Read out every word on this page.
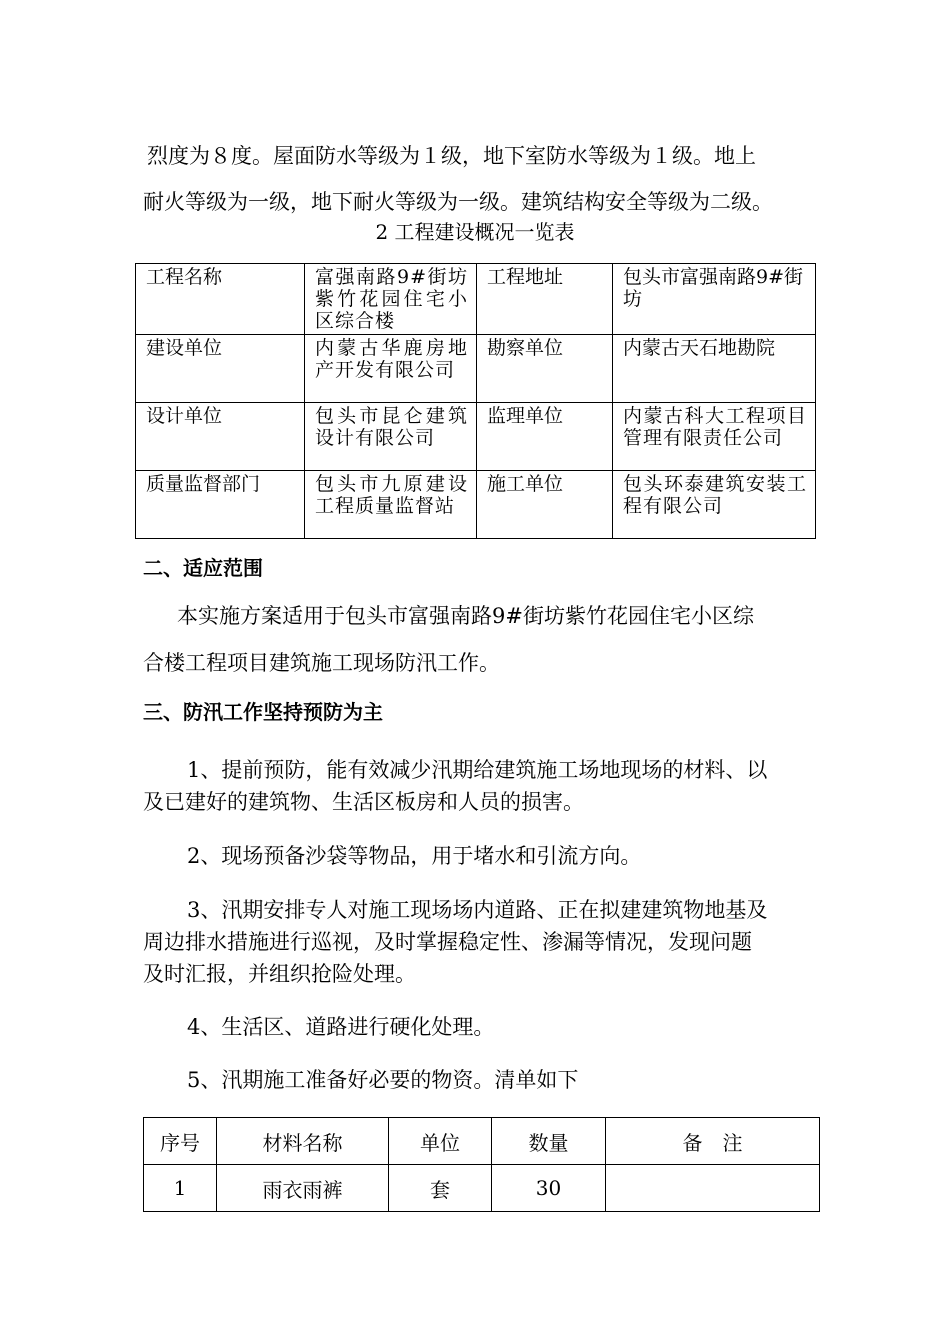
烈度为８度。屋面防水等级为１级，地下室防水等级为１级。地上
耐火等级为一级，地下耐火等级为一级。建筑结构安全等级为二级。
2 工程建设概况一览表
工程名称	富强南路9#街坊紫竹花园住宅小区综合楼	工程地址	包头市富强南路9#街坊
建设单位	内蒙古华鹿房地产开发有限公司	勘察单位	内蒙古天石地勘院
设计单位	包头市昆仑建筑设计有限公司	监理单位	内蒙古科大工程项目管理有限责任公司
质量监督部门	包头市九原建设工程质量监督站	施工单位	包头环泰建筑安装工程有限公司
二、适应范围
本实施方案适用于包头市富强南路9#街坊紫竹花园住宅小区综
合楼工程项目建筑施工现场防汛工作。
三、防汛工作坚持预防为主
1、提前预防，能有效减少汛期给建筑施工场地现场的材料、以
及已建好的建筑物、生活区板房和人员的损害。
2、现场预备沙袋等物品，用于堵水和引流方向。
3、汛期安排专人对施工现场场内道路、正在拟建建筑物地基及
周边排水措施进行巡视，及时掌握稳定性、渗漏等情况，发现问题
及时汇报，并组织抢险处理。
4、生活区、道路进行硬化处理。
5、汛期施工准备好必要的物资。清单如下
序号	材料名称	单位	数量	备　注
1	雨衣雨裤	套	30	
